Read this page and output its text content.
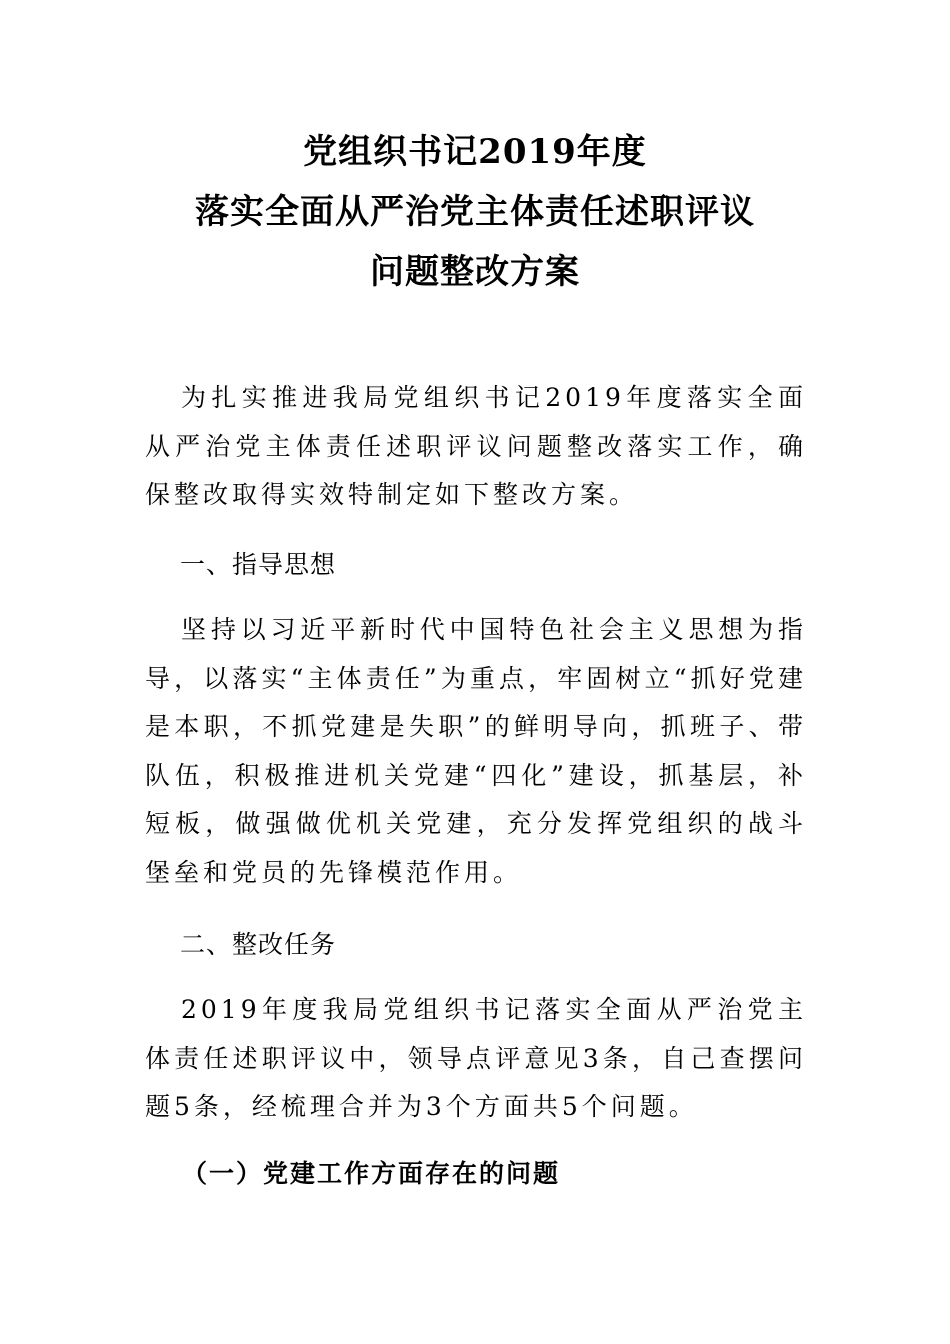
党组织书记2019年度
落实全面从严治党主体责任述职评议
问题整改方案

为扎实推进我局党组织书记2019年度落实全面从严治党主体责任述职评议问题整改落实工作，确保整改取得实效特制定如下整改方案。

一、指导思想

坚持以习近平新时代中国特色社会主义思想为指导，以落实“主体责任”为重点，牢固树立“抓好党建是本职，不抓党建是失职”的鲜明导向，抓班子、带队伍，积极推进机关党建“四化”建设，抓基层，补短板，做强做优机关党建，充分发挥党组织的战斗堡垒和党员的先锋模范作用。

二、整改任务

2019年度我局党组织书记落实全面从严治党主体责任述职评议中，领导点评意见3条，自己查摆问题5条，经梳理合并为3个方面共5个问题。

（一）党建工作方面存在的问题
